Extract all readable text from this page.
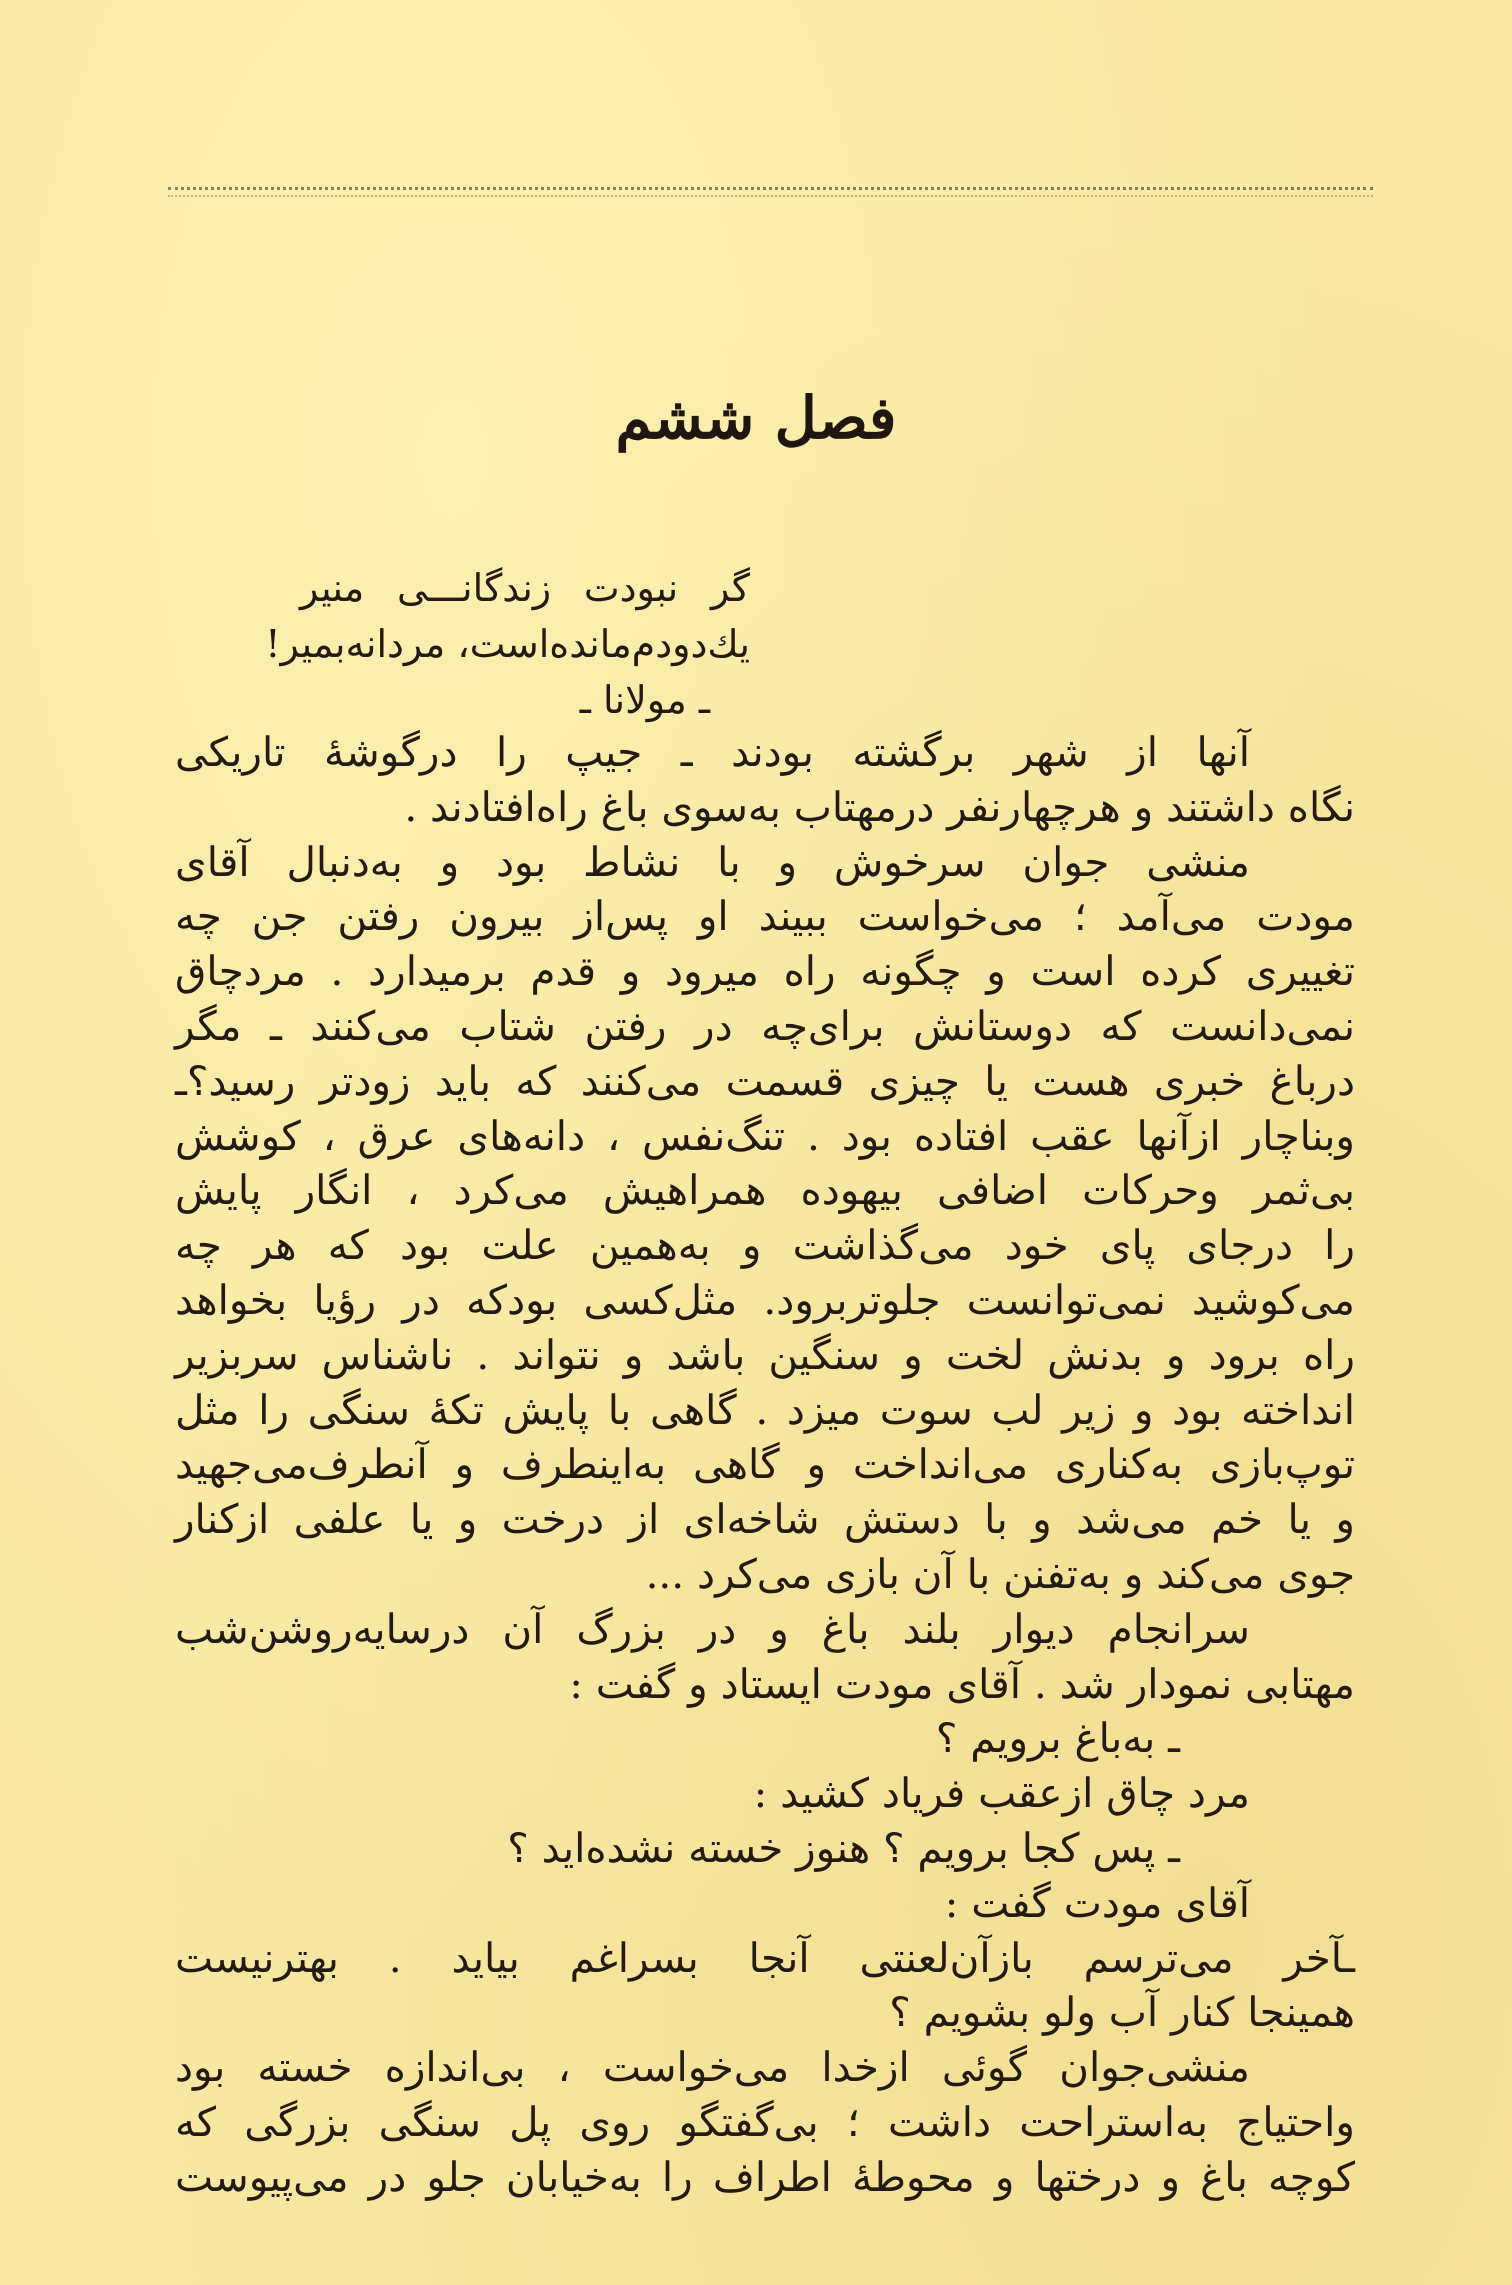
فصل ششم
گر نبودت زندگانـــی منیر
یك‌دودم‌مانده‌است، مردانه‌بمیر!
ـ مولانا ـ
آنها از شهر برگشته بودند ـ جیپ را درگوشهٔ تاریکی
نگاه داشتند و هرچهارنفر درمهتاب به‌سوی باغ راه‌افتادند .
منشی جوان سرخوش و با نشاط بود و به‌دنبال آقای
مودت می‌آمد ؛ می‌خواست ببیند او پس‌از بیرون رفتن جن چه
تغییری کرده است و چگونه راه میرود و قدم برمیدارد . مردچاق
نمی‌دانست که دوستانش برای‌چه در رفتن شتاب می‌کنند ـ مگر
درباغ خبری هست یا چیزی قسمت می‌کنند که باید زودتر رسید؟ـ
وبناچار ازآنها عقب افتاده بود . تنگ‌نفس ، دانه‌های عرق ، کوشش
بی‌ثمر وحرکات اضافی بیهوده همراهیش می‌کرد ، انگار پایش
را درجای پای خود می‌گذاشت و به‌همین علت بود که هر چه
می‌کوشید نمی‌توانست جلوتربرود. مثل‌کسی بودکه در رؤیا بخواهد
راه برود و بدنش لخت و سنگین باشد و نتواند . ناشناس سربزیر
انداخته بود و زیر لب سوت میزد . گاهی با پایش تکهٔ سنگی را مثل
توپ‌بازی به‌کناری می‌انداخت و گاهی به‌اینطرف و آنطرف‌می‌جهید
و یا خم می‌شد و با دستش شاخه‌ای از درخت و یا علفی ازکنار
جوی می‌کند و به‌تفنن با آن بازی می‌کرد ...
سرانجام دیوار بلند باغ و در بزرگ آن درسایه‌روشن‌شب
مهتابی نمودار شد . آقای مودت ایستاد و گفت :
ـ به‌باغ برویم ؟
مرد چاق ازعقب فریاد کشید :
ـ پس کجا برویم ؟ هنوز خسته نشده‌اید ؟
آقای مودت گفت :
ـآخر می‌ترسم بازآن‌لعنتی آنجا بسراغم بیاید . بهترنیست
همینجا کنار آب ولو بشویم ؟
منشی‌جوان گوئی ازخدا می‌خواست ، بی‌اندازه خسته بود
واحتیاج به‌استراحت داشت ؛ بی‌گفتگو روی پل سنگی بزرگی که
کوچه باغ و درختها و محوطهٔ اطراف را به‌خیابان جلو در می‌پیوست
